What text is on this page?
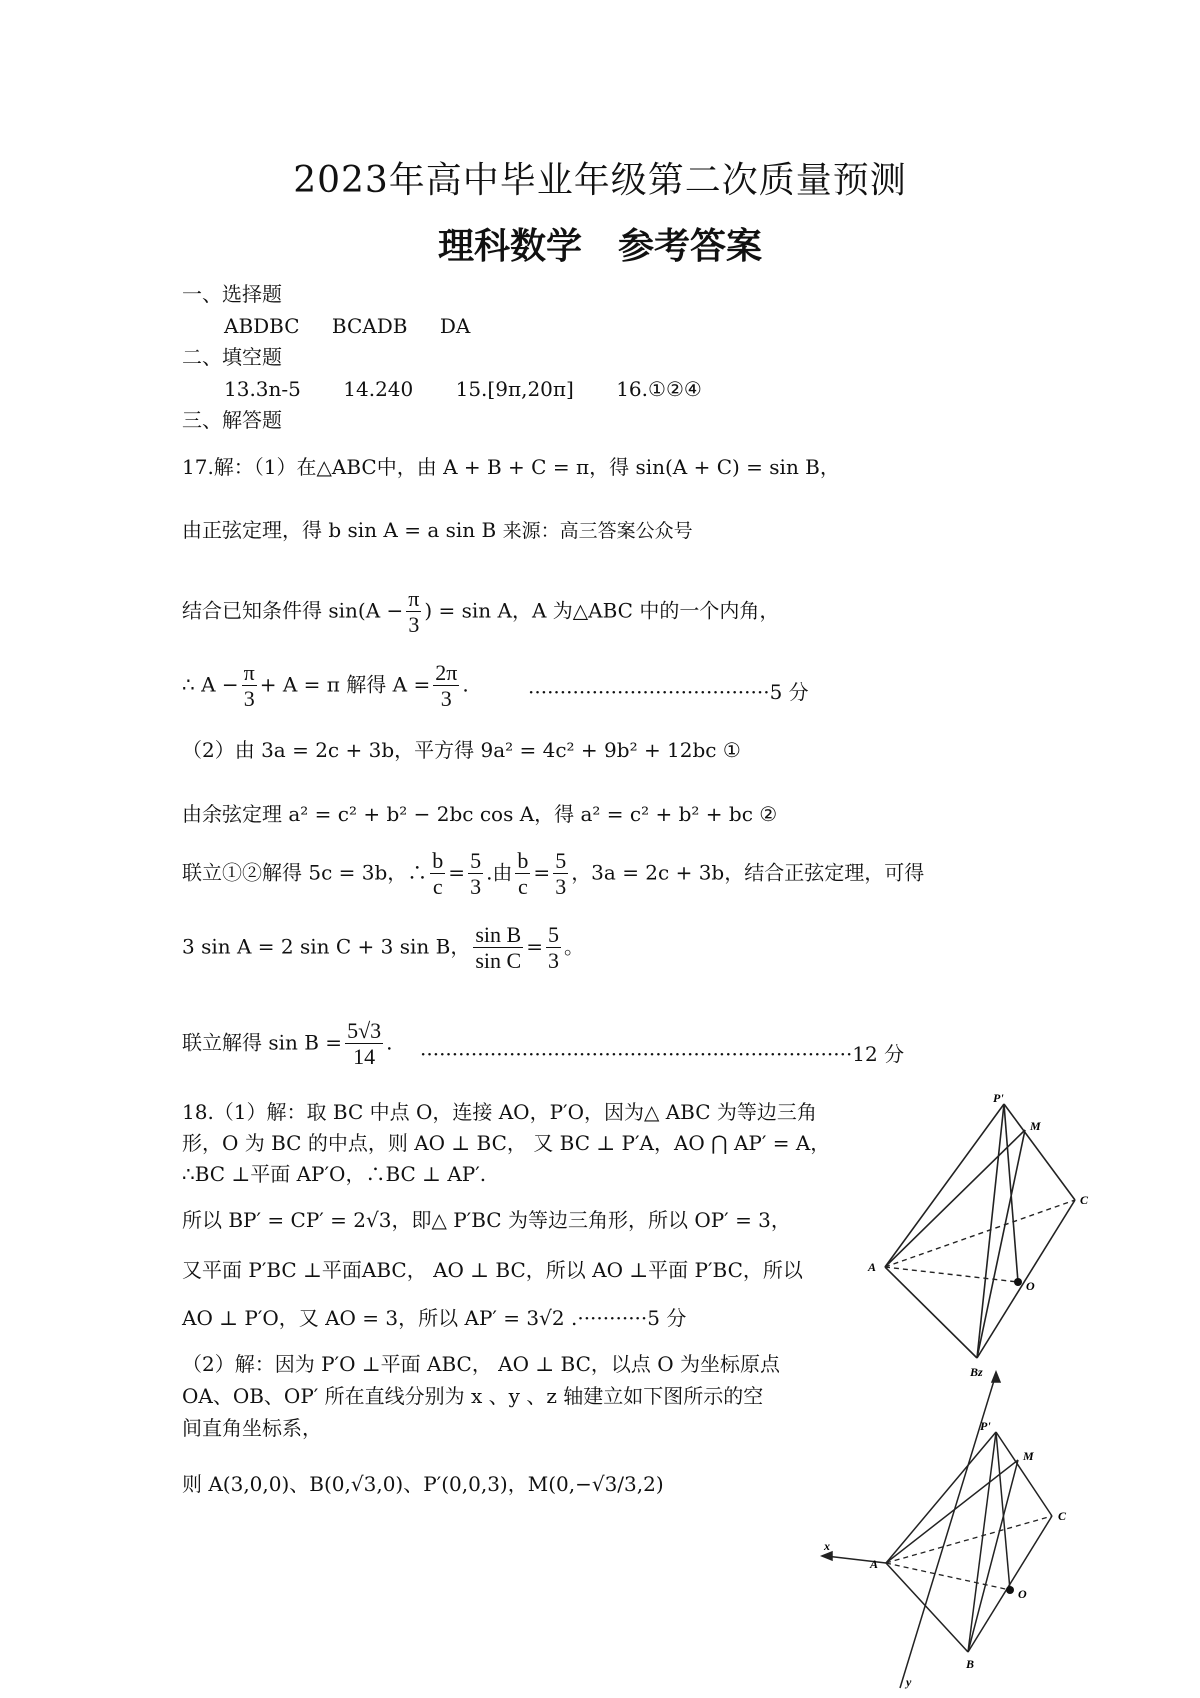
2023年高中毕业年级第二次质量预测
理科数学　参考答案
一、选择题
ABDBC BCADB DA
二、填空题
13.3n-5 14.240 15.[9π,20π] 16.①②④
三、解答题
17.解：（1）在△ABC中，由 A + B + C = π，得 sin(A + C) = sin B，
由正弦定理，得 b sin A = a sin B 来源：高三答案公众号
结合已知条件得 $\sin(A - \frac{\pi}{3}$ ) = sin A，A 为△ABC 中的一个内角，
∴ $A - \frac{\pi}{3} + A = \pi$ 解得 $A = \frac{2\pi}{3}$ .	······································5 分
（2）由 3a = 2c + 3b，平方得 9a² = 4c² + 9b² + 12bc ①
由余弦定理 a² = c² + b² − 2bc cos A，得 a² = c² + b² + bc ②
联立①②解得 5c = 3b，∴ $\frac{b}{c} = \frac{5}{3}$ .由 $\frac{b}{c} = \frac{5}{3}$ ，3a = 2c + 3b，结合正弦定理，可得
3 sin A = 2 sin C + 3 sin B， $\frac{\text{sin B}}{\text{sin C}} = \frac{5}{3}$ 。
联立解得 $\sin B = \frac{5√3}{14}$ . ····································································12 分
18.（1）解：取 BC 中点 O，连接 AO，P′O，因为△ ABC 为等边三角
形，O 为 BC 的中点，则 AO ⊥ BC， 又 BC ⊥ P′A，AO ⋂ AP′ = A，
∴BC ⊥平面 AP′O，∴BC ⊥ AP′.
所以 BP′ = CP′ = 2√3，即△ P′BC 为等边三角形，所以 OP′ = 3，
又平面 P′BC ⊥平面ABC， AO ⊥ BC，所以 AO ⊥平面 P′BC，所以
AO ⊥ P′O，又 AO = 3，所以 AP′ = 3√2 .···········5 分
（2）解：因为 P′O ⊥平面 ABC， AO ⊥ BC，以点 O 为坐标原点
OA、OB、OP′ 所在直线分别为 x 、y 、z 轴建立如下图所示的空
间直角坐标系，
则 A(3,0,0)、B(0,√3,0)、P′(0,0,3)，M(0,−√3/3,2)
P'
M
C
A
O
Bz
P'
M
C
A
O
B
x
y
